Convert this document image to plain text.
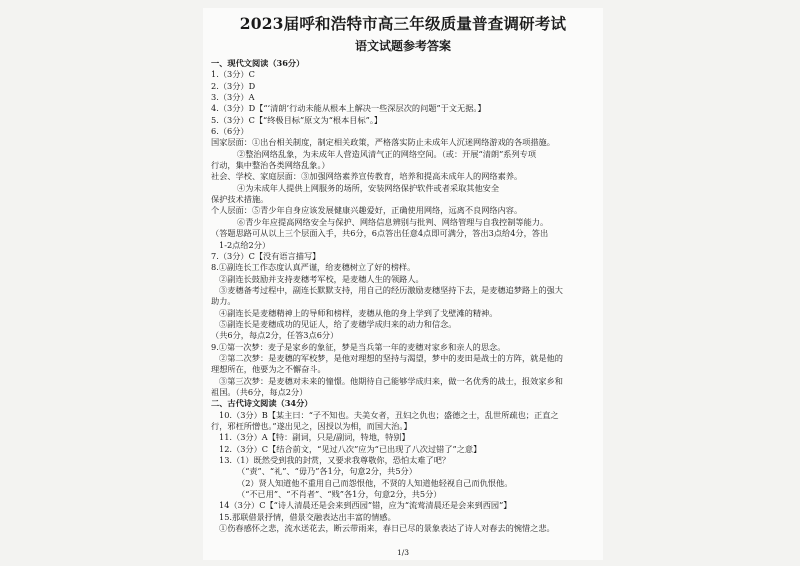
2023届呼和浩特市高三年级质量普查调研考试
语文试题参考答案
一、现代文阅读（36分）
1.（3分）C
2.（3分）D
3.（3分）A
4.（3分）D【“‘清朗’行动未能从根本上解决一些深层次的问题”于文无据。】
5.（3分）C【“终极目标”原文为“根本目标”。】
6.（6分）
国家层面：①出台相关制度，制定相关政策，严格落实防止未成年人沉迷网络游戏的各项措施。
②整治网络乱象，为未成年人营造风清气正的网络空间。（或：开展“清朗”系列专项
行动，集中整治各类网络乱象。）
社会、学校、家庭层面：③加强网络素养宣传教育，培养和提高未成年人的网络素养。
④为未成年人提供上网服务的场所，安装网络保护软件或者采取其他安全
保护技术措施。
个人层面：⑤青少年自身应该发展健康兴趣爱好，正确使用网络，远离不良网络内容。
⑥青少年应提高网络安全与保护、网络信息辨别与批判、网络管理与自我控制等能力。
（答题思路可从以上三个层面入手，共6分，6点答出任意4点即可满分，答出3点给4分，答出
1-2点给2分）
7.（3分）C【没有语言描写】
8.①副连长工作态度认真严谨，给麦穗树立了好的榜样。
②副连长鼓励并支持麦穗考军校，是麦穗人生的领路人。
③麦穗备考过程中，副连长默默支持，用自己的经历激励麦穗坚持下去，是麦穗追梦路上的强大
助力。
④副连长是麦穗精神上的导师和榜样，麦穗从他的身上学到了戈壁滩的精神。
⑤副连长是麦穗成功的见证人，给了麦穗学成归来的动力和信念。
（共6分，每点2分，任答3点6分）
9.①第一次梦：麦子是家乡的象征，梦是当兵第一年的麦穗对家乡和亲人的思念。
②第二次梦：是麦穗的军校梦，是他对理想的坚持与渴望，梦中的麦田是战士的方阵，就是他的
理想所在，他要为之不懈奋斗。
③第三次梦：是麦穗对未来的憧憬。他期待自己能够学成归来，做一名优秀的战士，报效家乡和
祖国。（共6分，每点2分）
二、古代诗文阅读（34分）
10.（3分）B【某主曰：“子不知也。夫美女者，丑妇之仇也；盛德之士，乱世所疏也；正直之
行，邪枉所憎也。”遂出见之，因授以为相，而国大治。】
11.（3分）A【特：副词，只是/副词，特地，特别】
12.（3分）C【结合前文，“见过八次”应为“已出现了八次过错了”之意】
13.（1）既然受到我的封赏，又要求我尊敬你，恐怕太难了吧？
（“责”、“礼”、“毋乃”各1分，句意2分，共5分）
（2）贤人知道他不重用自己而怨恨他，不贤的人知道他轻视自己而仇恨他。
（“不已用”、“不肖者”、“贱”各1分，句意2分，共5分）
14（3分）C【“诗人清晨还是会来到西园”错，应为“流莺清晨还是会来到西园”】
15.那联借景抒情，借景交融表达出丰富的情感。
①伤春感怀之悲，流水送花去，断云带雨来，春日已尽的景象表达了诗人对春去的惋惜之悲。
1/3
